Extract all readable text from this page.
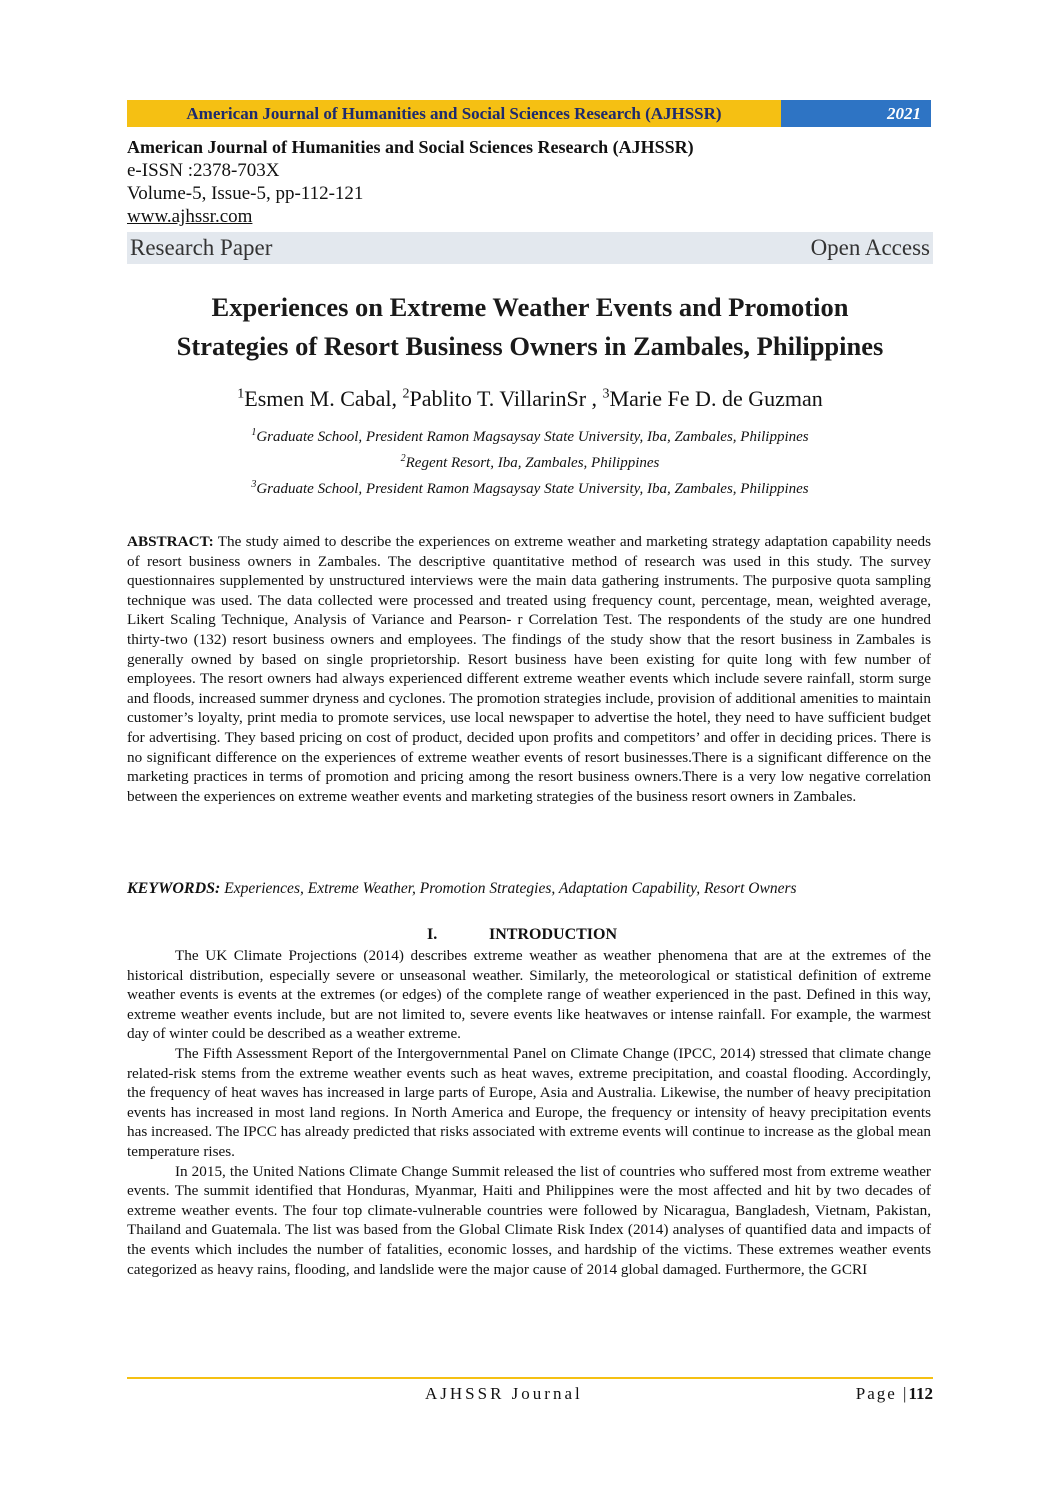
American Journal of Humanities and Social Sciences Research (AJHSSR)	2021
American Journal of Humanities and Social Sciences Research (AJHSSR)
e-ISSN :2378-703X
Volume-5, Issue-5, pp-112-121
www.ajhssr.com
Research Paper	Open Access
Experiences on Extreme Weather Events and Promotion
Strategies of Resort Business Owners in Zambales, Philippines
$^1$Esmen M. Cabal, $^2$Pablito T. VillarinSr , $^3$Marie Fe D. de Guzman
$^1$Graduate School, President Ramon Magsaysay State University, Iba, Zambales, Philippines
$^2$Regent Resort, Iba, Zambales, Philippines
$^3$Graduate School, President Ramon Magsaysay State University, Iba, Zambales, Philippines
ABSTRACT: The study aimed to describe the experiences on extreme weather and marketing strategy adaptation capability needs of resort business owners in Zambales. The descriptive quantitative method of research was used in this study. The survey questionnaires supplemented by unstructured interviews were the main data gathering instruments. The purposive quota sampling technique was used. The data collected were processed and treated using frequency count, percentage, mean, weighted average, Likert Scaling Technique, Analysis of Variance and Pearson- r Correlation Test. The respondents of the study are one hundred thirty-two (132) resort business owners and employees. The findings of the study show that the resort business in Zambales is generally owned by based on single proprietorship. Resort business have been existing for quite long with few number of employees. The resort owners had always experienced different extreme weather events which include severe rainfall, storm surge and floods, increased summer dryness and cyclones. The promotion strategies include, provision of additional amenities to maintain customer’s loyalty, print media to promote services, use local newspaper to advertise the hotel, they need to have sufficient budget for advertising. They based pricing on cost of product, decided upon profits and competitors’ and offer in deciding prices. There is no significant difference on the experiences of extreme weather events of resort businesses.There is a significant difference on the marketing practices in terms of promotion and pricing among the resort business owners.There is a very low negative correlation between the experiences on extreme weather events and marketing strategies of the business resort owners in Zambales.
KEYWORDS: Experiences, Extreme Weather, Promotion Strategies, Adaptation Capability, Resort Owners
I.	INTRODUCTION

The UK Climate Projections (2014) describes extreme weather as weather phenomena that are at the extremes of the historical distribution, especially severe or unseasonal weather. Similarly, the meteorological or statistical definition of extreme weather events is events at the extremes (or edges) of the complete range of weather experienced in the past. Defined in this way, extreme weather events include, but are not limited to, severe events like heatwaves or intense rainfall. For example, the warmest day of winter could be described as a weather extreme.

The Fifth Assessment Report of the Intergovernmental Panel on Climate Change (IPCC, 2014) stressed that climate change related-risk stems from the extreme weather events such as heat waves, extreme precipitation, and coastal flooding. Accordingly, the frequency of heat waves has increased in large parts of Europe, Asia and Australia. Likewise, the number of heavy precipitation events has increased in most land regions. In North America and Europe, the frequency or intensity of heavy precipitation events has increased. The IPCC has already predicted that risks associated with extreme events will continue to increase as the global mean temperature rises.

In 2015, the United Nations Climate Change Summit released the list of countries who suffered most from extreme weather events. The summit identified that Honduras, Myanmar, Haiti and Philippines were the most affected and hit by two decades of extreme weather events. The four top climate-vulnerable countries were followed by Nicaragua, Bangladesh, Vietnam, Pakistan, Thailand and Guatemala. The list was based from the Global Climate Risk Index (2014) analyses of quantified data and impacts of the events which includes the number of fatalities, economic losses, and hardship of the victims. These extremes weather events categorized as heavy rains, flooding, and landslide were the major cause of 2014 global damaged. Furthermore, the GCRI

AJHSSR Journal	Page |112
